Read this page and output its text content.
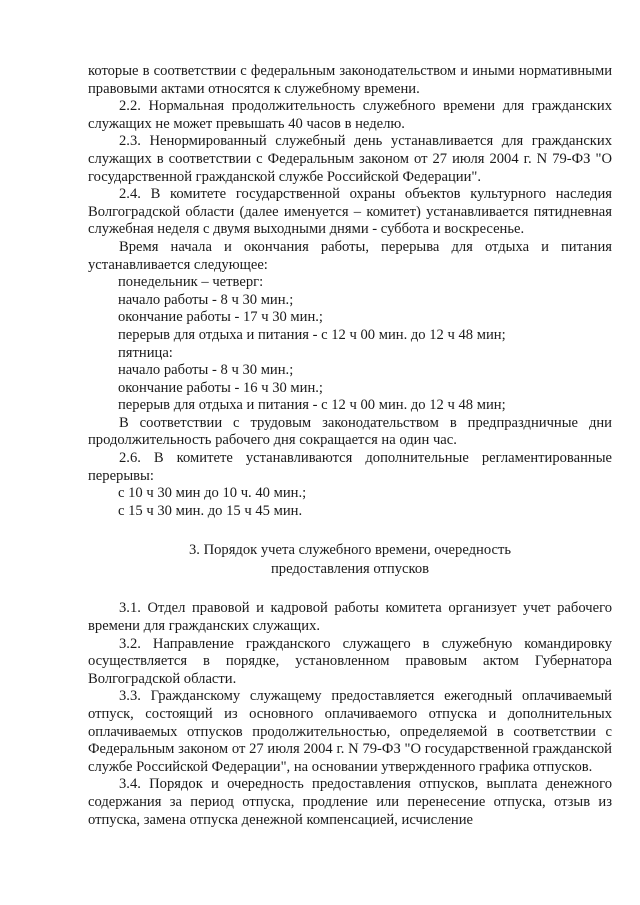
которые в соответствии с федеральным законодательством и иными нормативными правовыми актами относятся к служебному времени.

2.2. Нормальная продолжительность служебного времени для гражданских служащих не может превышать 40 часов в неделю.

2.3. Ненормированный служебный день устанавливается для гражданских служащих в соответствии с Федеральным законом от 27 июля 2004 г. N 79-ФЗ "О государственной гражданской службе Российской Федерации".

2.4. В комитете государственной охраны объектов культурного наследия Волгоградской области (далее именуется – комитет) устанавливается пятидневная служебная неделя с двумя выходными днями - суббота и воскресенье.

Время начала и окончания работы, перерыва для отдыха и питания устанавливается следующее:

понедельник – четверг:

начало работы - 8 ч 30 мин.;

окончание работы - 17 ч 30 мин.;

перерыв для отдыха и питания - с 12 ч 00 мин. до 12 ч 48 мин;

пятница:

начало работы - 8 ч 30 мин.;

окончание работы - 16 ч 30 мин.;

перерыв для отдыха и питания - с 12 ч 00 мин. до 12 ч 48 мин;

В соответствии с трудовым законодательством в предпраздничные дни продолжительность рабочего дня сокращается на один час.

2.6. В комитете устанавливаются дополнительные регламентированные перерывы:

с 10 ч 30 мин до 10 ч. 40 мин.;

с 15 ч 30 мин. до 15 ч 45 мин.

3. Порядок учета служебного времени, очередность
предоставления отпусков

3.1. Отдел правовой и кадровой работы комитета организует учет рабочего времени для гражданских служащих.

3.2. Направление гражданского служащего в служебную командировку осуществляется в порядке, установленном правовым актом Губернатора Волгоградской области.

3.3. Гражданскому служащему предоставляется ежегодный оплачиваемый отпуск, состоящий из основного оплачиваемого отпуска и дополнительных оплачиваемых отпусков продолжительностью, определяемой в соответствии с Федеральным законом от 27 июля 2004 г. N 79-ФЗ "О государственной гражданской службе Российской Федерации", на основании утвержденного графика отпусков.

3.4. Порядок и очередность предоставления отпусков, выплата денежного содержания за период отпуска, продление или перенесение отпуска, отзыв из отпуска, замена отпуска денежной компенсацией, исчисление
